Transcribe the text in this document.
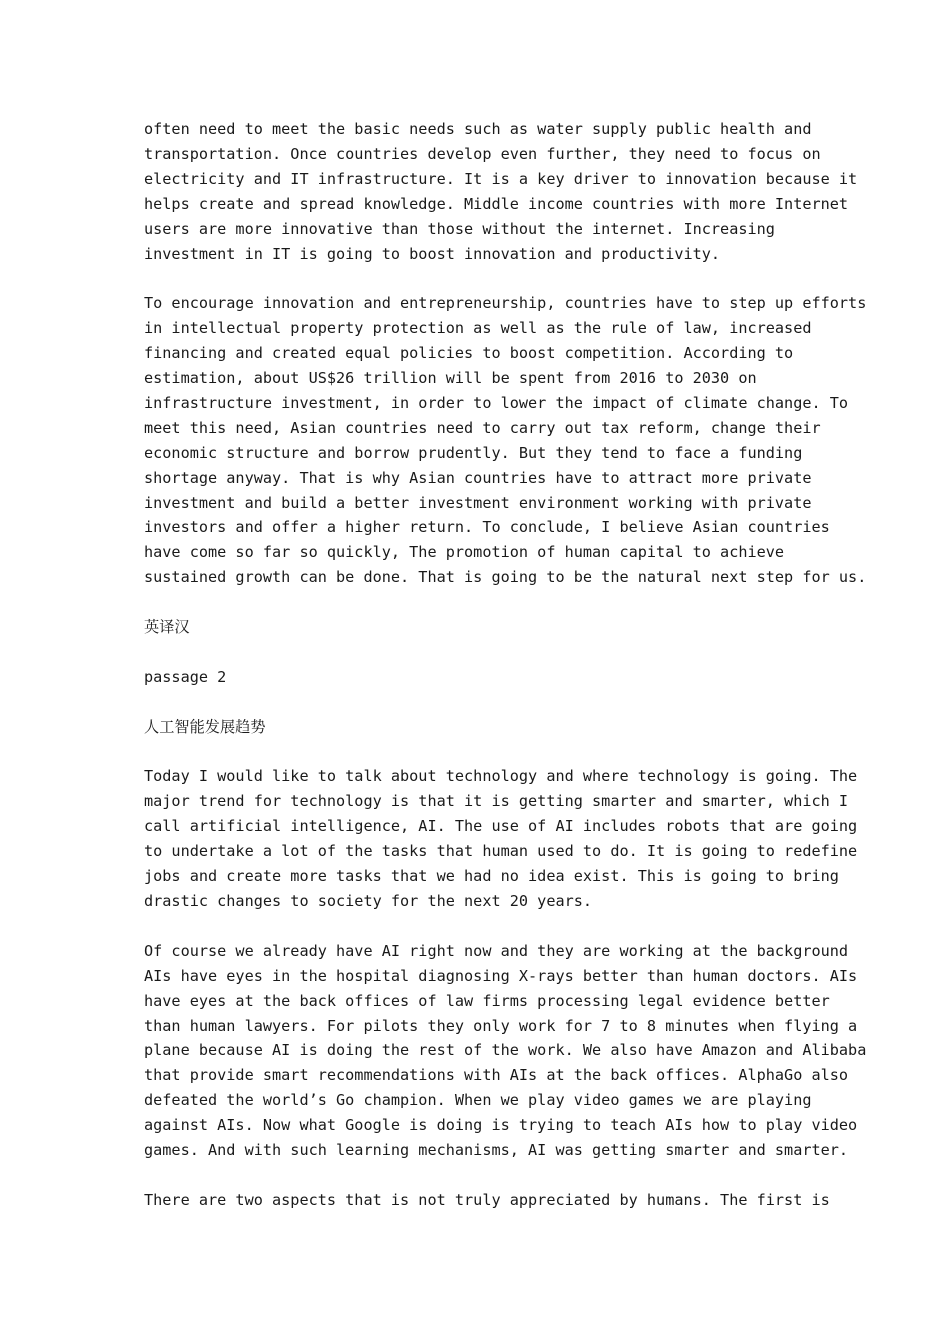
often need to meet the basic needs such as water supply public health and
transportation. Once countries develop even further, they need to focus on
electricity and IT infrastructure. It is a key driver to innovation because it
helps create and spread knowledge. Middle income countries with more Internet
users are more innovative than those without the internet. Increasing
investment in IT is going to boost innovation and productivity.
To encourage innovation and entrepreneurship, countries have to step up efforts
in intellectual property protection as well as the rule of law, increased
financing and created equal policies to boost competition. According to
estimation, about US$26 trillion will be spent from 2016 to 2030 on
infrastructure investment, in order to lower the impact of climate change. To
meet this need, Asian countries need to carry out tax reform, change their
economic structure and borrow prudently. But they tend to face a funding
shortage anyway. That is why Asian countries have to attract more private
investment and build a better investment environment working with private
investors and offer a higher return. To conclude, I believe Asian countries
have come so far so quickly, The promotion of human capital to achieve
sustained growth can be done. That is going to be the natural next step for us.
英译汉
passage 2
人工智能发展趋势
Today I would like to talk about technology and where technology is going. The
major trend for technology is that it is getting smarter and smarter, which I
call artificial intelligence, AI. The use of AI includes robots that are going
to undertake a lot of the tasks that human used to do. It is going to redefine
jobs and create more tasks that we had no idea exist. This is going to bring
drastic changes to society for the next 20 years.
Of course we already have AI right now and they are working at the background
AIs have eyes in the hospital diagnosing X-rays better than human doctors. AIs
have eyes at the back offices of law firms processing legal evidence better
than human lawyers. For pilots they only work for 7 to 8 minutes when flying a
plane because AI is doing the rest of the work. We also have Amazon and Alibaba
that provide smart recommendations with AIs at the back offices. AlphaGo also
defeated the world’s Go champion. When we play video games we are playing
against AIs. Now what Google is doing is trying to teach AIs how to play video
games. And with such learning mechanisms, AI was getting smarter and smarter.
There are two aspects that is not truly appreciated by humans. The first is
